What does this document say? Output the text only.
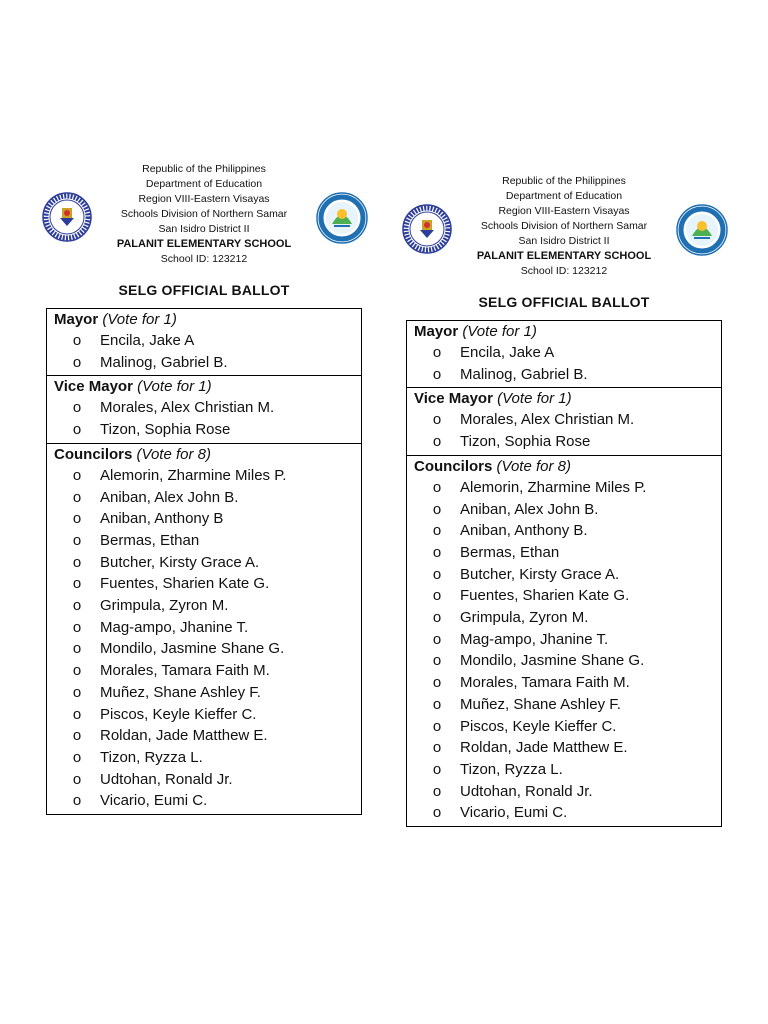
Republic of the Philippines
Department of Education
Region VIII-Eastern Visayas
Schools Division of Northern Samar
San Isidro District II
PALANIT ELEMENTARY SCHOOL
School ID: 123212
SELG OFFICIAL BALLOT
Mayor (Vote for 1)
o	Encila, Jake A
o	Malinog, Gabriel B.
Vice Mayor (Vote for 1)
o	Morales, Alex Christian M.
o	Tizon, Sophia Rose
Councilors (Vote for 8)
o	Alemorin, Zharmine Miles P.
o	Aniban, Alex John B.
o	Aniban, Anthony B
o	Bermas, Ethan
o	Butcher, Kirsty Grace A.
o	Fuentes, Sharien Kate G.
o	Grimpula, Zyron M.
o	Mag-ampo, Jhanine T.
o	Mondilo, Jasmine Shane G.
o	Morales, Tamara Faith M.
o	Muñez, Shane Ashley F.
o	Piscos, Keyle Kieffer C.
o	Roldan, Jade Matthew E.
o	Tizon, Ryzza L.
o	Udtohan, Ronald Jr.
o	Vicario, Eumi C.
Republic of the Philippines
Department of Education
Region VIII-Eastern Visayas
Schools Division of Northern Samar
San Isidro District II
PALANIT ELEMENTARY SCHOOL
School ID: 123212
SELG OFFICIAL BALLOT
Mayor (Vote for 1)
o	Encila, Jake A
o	Malinog, Gabriel B.
Vice Mayor (Vote for 1)
o	Morales, Alex Christian M.
o	Tizon, Sophia Rose
Councilors (Vote for 8)
o	Alemorin, Zharmine Miles P.
o	Aniban, Alex John B.
o	Aniban, Anthony B.
o	Bermas, Ethan
o	Butcher, Kirsty Grace A.
o	Fuentes, Sharien Kate G.
o	Grimpula, Zyron M.
o	Mag-ampo, Jhanine T.
o	Mondilo, Jasmine Shane G.
o	Morales, Tamara Faith M.
o	Muñez, Shane Ashley F.
o	Piscos, Keyle Kieffer C.
o	Roldan, Jade Matthew E.
o	Tizon, Ryzza L.
o	Udtohan, Ronald Jr.
o	Vicario, Eumi C.
